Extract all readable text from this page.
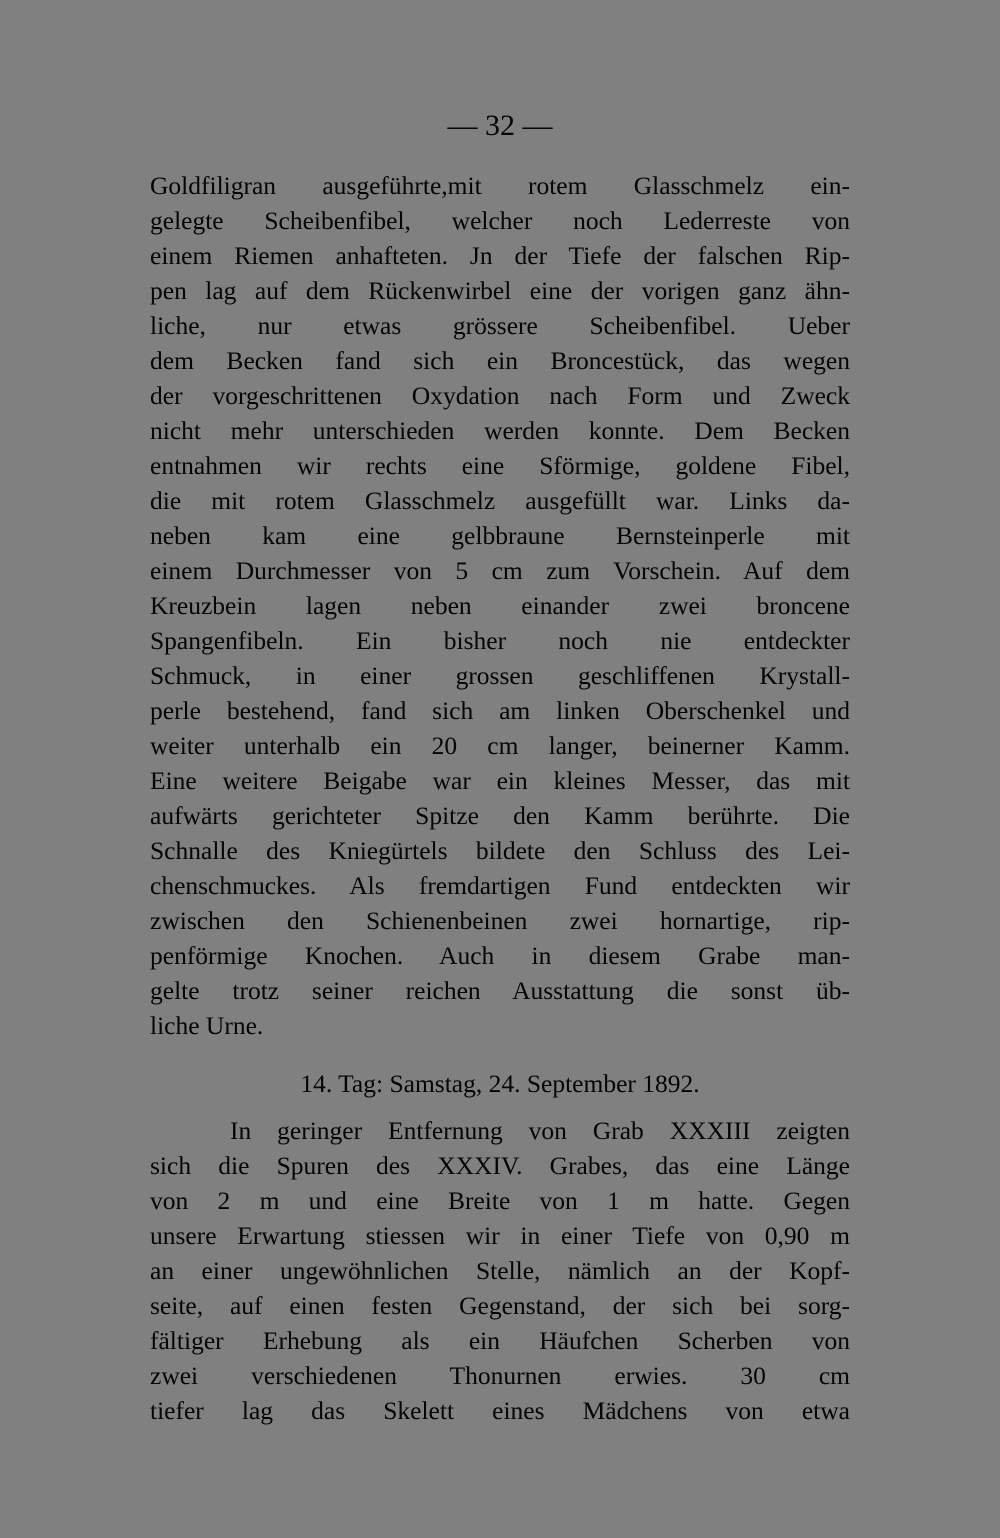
— 32 —
Goldfiligran ausgeführte,mit rotem Glasschmelz ein-
gelegte Scheibenfibel, welcher noch Lederreste von
einem Riemen anhafteten. Jn der Tiefe der falschen Rip-
pen lag auf dem Rückenwirbel eine der vorigen ganz ähn-
liche, nur etwas grössere Scheibenfibel. Ueber
dem Becken fand sich ein Broncestück, das wegen
der vorgeschrittenen Oxydation nach Form und Zweck
nicht mehr unterschieden werden konnte. Dem Becken
entnahmen wir rechts eine Sförmige, goldene Fibel,
die mit rotem Glasschmelz ausgefüllt war. Links da-
neben kam eine gelbbraune Bernsteinperle mit
einem Durchmesser von 5 cm zum Vorschein. Auf dem
Kreuzbein lagen neben einander zwei broncene
Spangenfibeln. Ein bisher noch nie entdeckter
Schmuck, in einer grossen geschliffenen Krystall-
perle bestehend, fand sich am linken Oberschenkel und
weiter unterhalb ein 20 cm langer, beinerner Kamm.
Eine weitere Beigabe war ein kleines Messer, das mit
aufwärts gerichteter Spitze den Kamm berührte. Die
Schnalle des Kniegürtels bildete den Schluss des Lei-
chenschmuckes. Als fremdartigen Fund entdeckten wir
zwischen den Schienenbeinen zwei hornartige, rip-
penförmige Knochen. Auch in diesem Grabe man-
gelte trotz seiner reichen Ausstattung die sonst üb-
liche Urne.
14. Tag: Samstag, 24. September 1892.
In geringer Entfernung von Grab XXXIII zeigten
sich die Spuren des XXXIV. Grabes, das eine Länge
von 2 m und eine Breite von 1 m hatte. Gegen
unsere Erwartung stiessen wir in einer Tiefe von 0,90 m
an einer ungewöhnlichen Stelle, nämlich an der Kopf-
seite, auf einen festen Gegenstand, der sich bei sorg-
fältiger Erhebung als ein Häufchen Scherben von
zwei verschiedenen Thonurnen erwies. 30 cm
tiefer lag das Skelett eines Mädchens von etwa
